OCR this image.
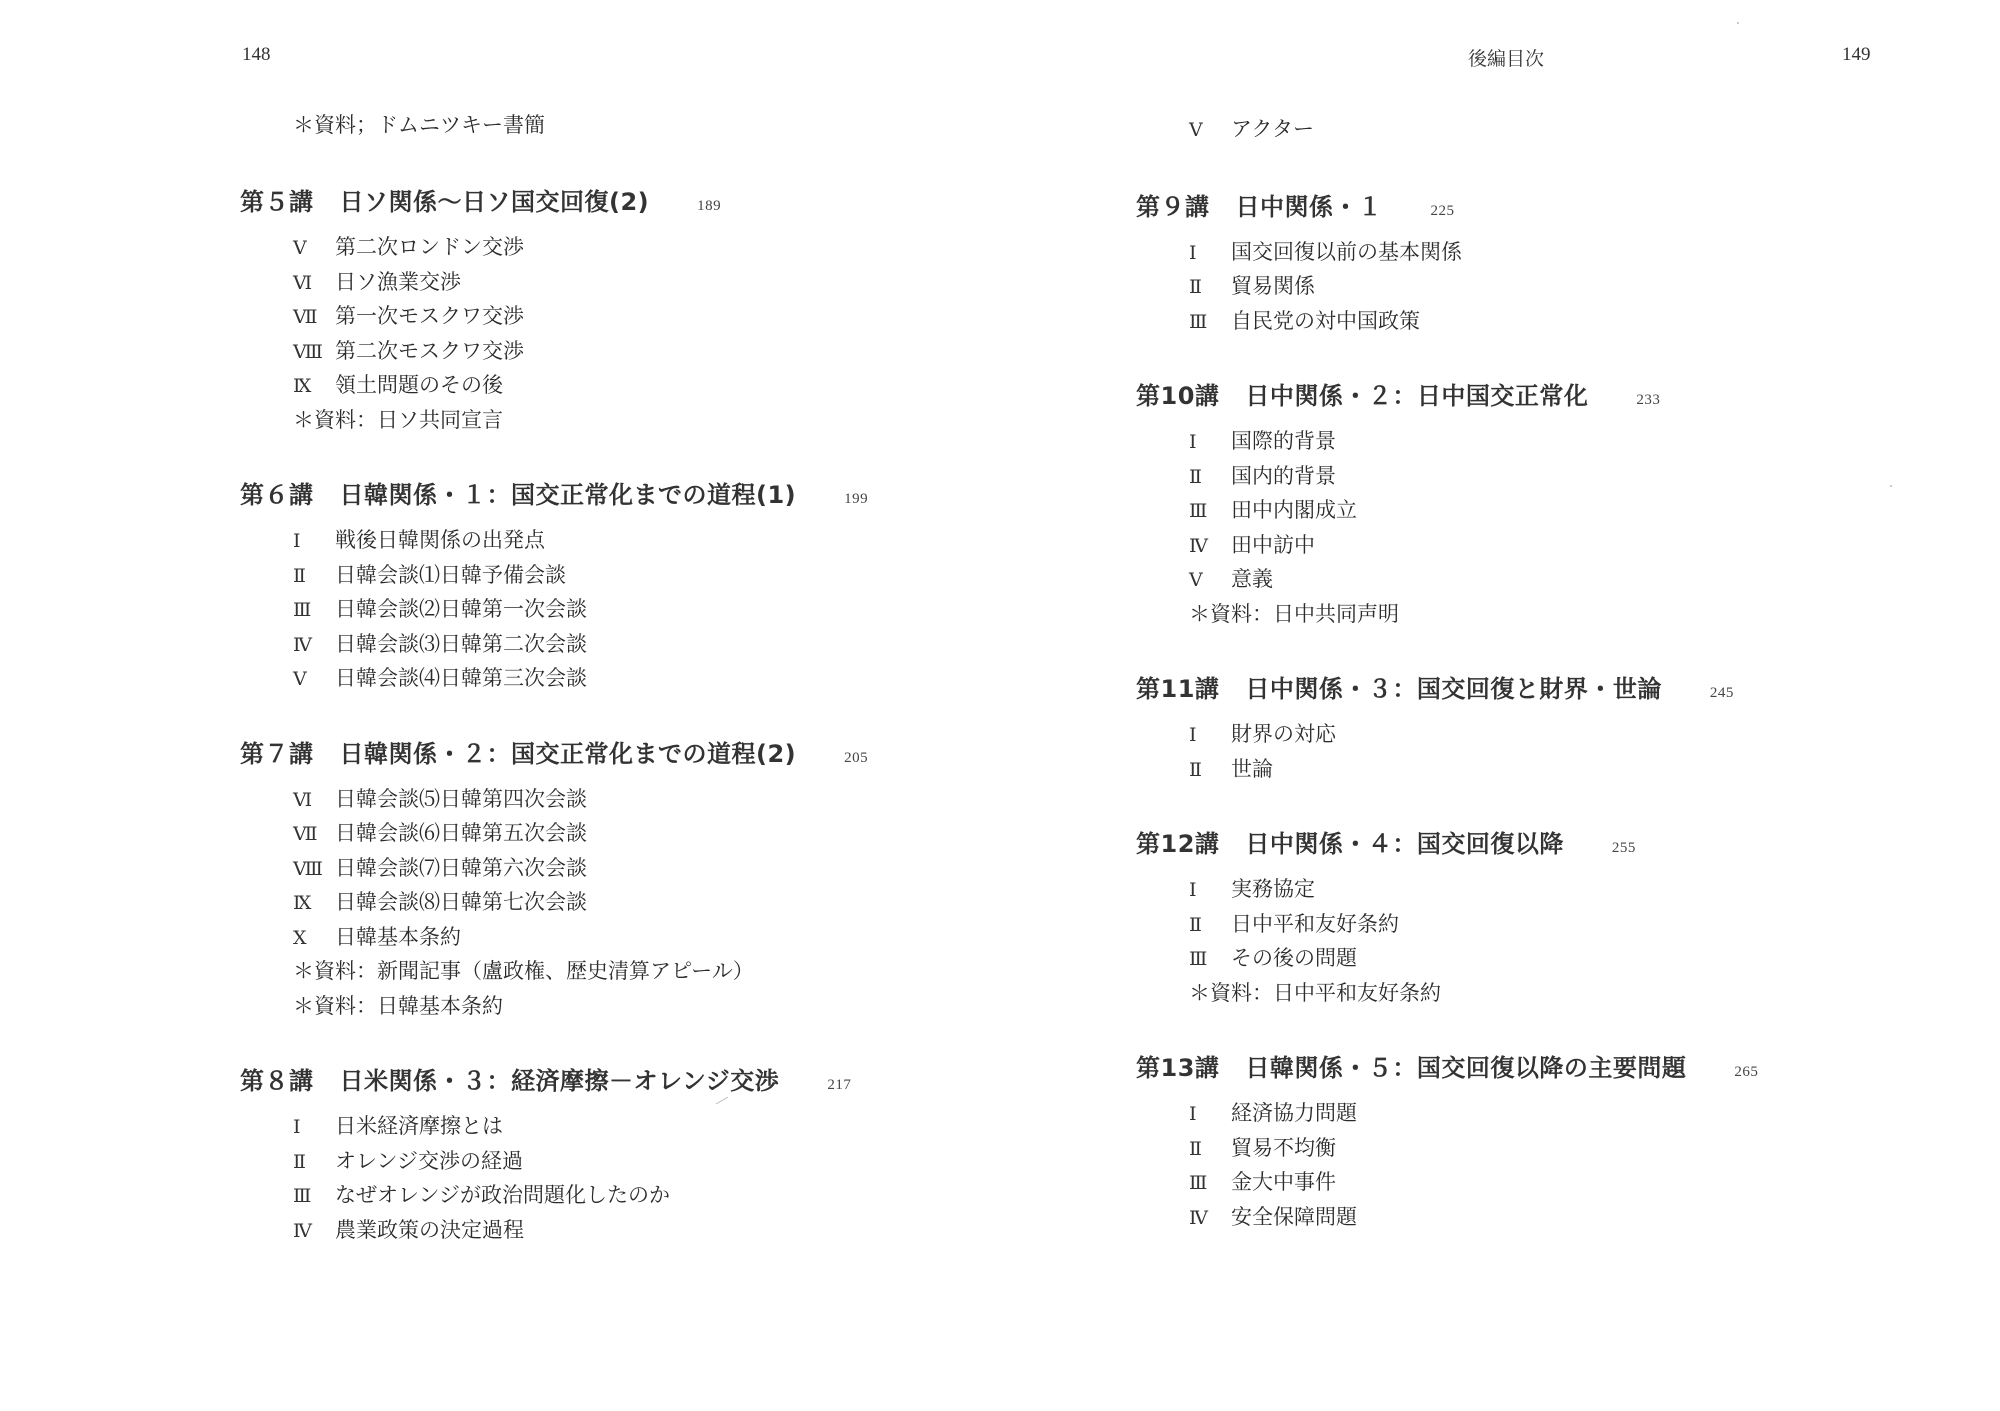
148	後編目次	149
＊資料；ドムニツキー書簡
第５講 日ソ関係〜日ソ国交回復(2)	189
Ⅴ	第二次ロンドン交渉
Ⅵ	日ソ漁業交渉
Ⅶ 第一次モスクワ交渉
Ⅷ 第二次モスクワ交渉
Ⅸ	領土問題のその後
＊資料：日ソ共同宣言
第６講 日韓関係・１：国交正常化までの道程(1)	199
Ⅰ	戦後日韓関係の出発点
Ⅱ	日韓会談⑴日韓予備会談
Ⅲ	日韓会談⑵日韓第一次会談
Ⅳ	日韓会談⑶日韓第二次会談
Ⅴ	日韓会談⑷日韓第三次会談
第７講 日韓関係・２：国交正常化までの道程(2)	205
Ⅵ	日韓会談⑸日韓第四次会談
Ⅶ 日韓会談⑹日韓第五次会談
Ⅷ 日韓会談⑺日韓第六次会談
Ⅸ	日韓会談⑻日韓第七次会談
Ⅹ	日韓基本条約
＊資料：新聞記事（盧政権、歴史清算アピール）
＊資料：日韓基本条約
第８講 日米関係・３：経済摩擦－オレンジ交渉	217
Ⅰ	日米経済摩擦とは
Ⅱ	オレンジ交渉の経過
Ⅲ	なぜオレンジが政治問題化したのか
Ⅳ	農業政策の決定過程
Ⅴ	アクター
第９講 日中関係・１	225
Ⅰ	国交回復以前の基本関係
Ⅱ	貿易関係
Ⅲ	自民党の対中国政策
第10講 日中関係・２：日中国交正常化	233
Ⅰ	国際的背景
Ⅱ	国内的背景
Ⅲ	田中内閣成立
Ⅳ	田中訪中
Ⅴ	意義
＊資料：日中共同声明
第11講 日中関係・３：国交回復と財界・世論	245
Ⅰ	財界の対応
Ⅱ	世論
第12講 日中関係・４：国交回復以降	255
Ⅰ	実務協定
Ⅱ	日中平和友好条約
Ⅲ	その後の問題
＊資料：日中平和友好条約
第13講 日韓関係・５：国交回復以降の主要問題	265
Ⅰ	経済協力問題
Ⅱ	貿易不均衡
Ⅲ	金大中事件
Ⅳ	安全保障問題
